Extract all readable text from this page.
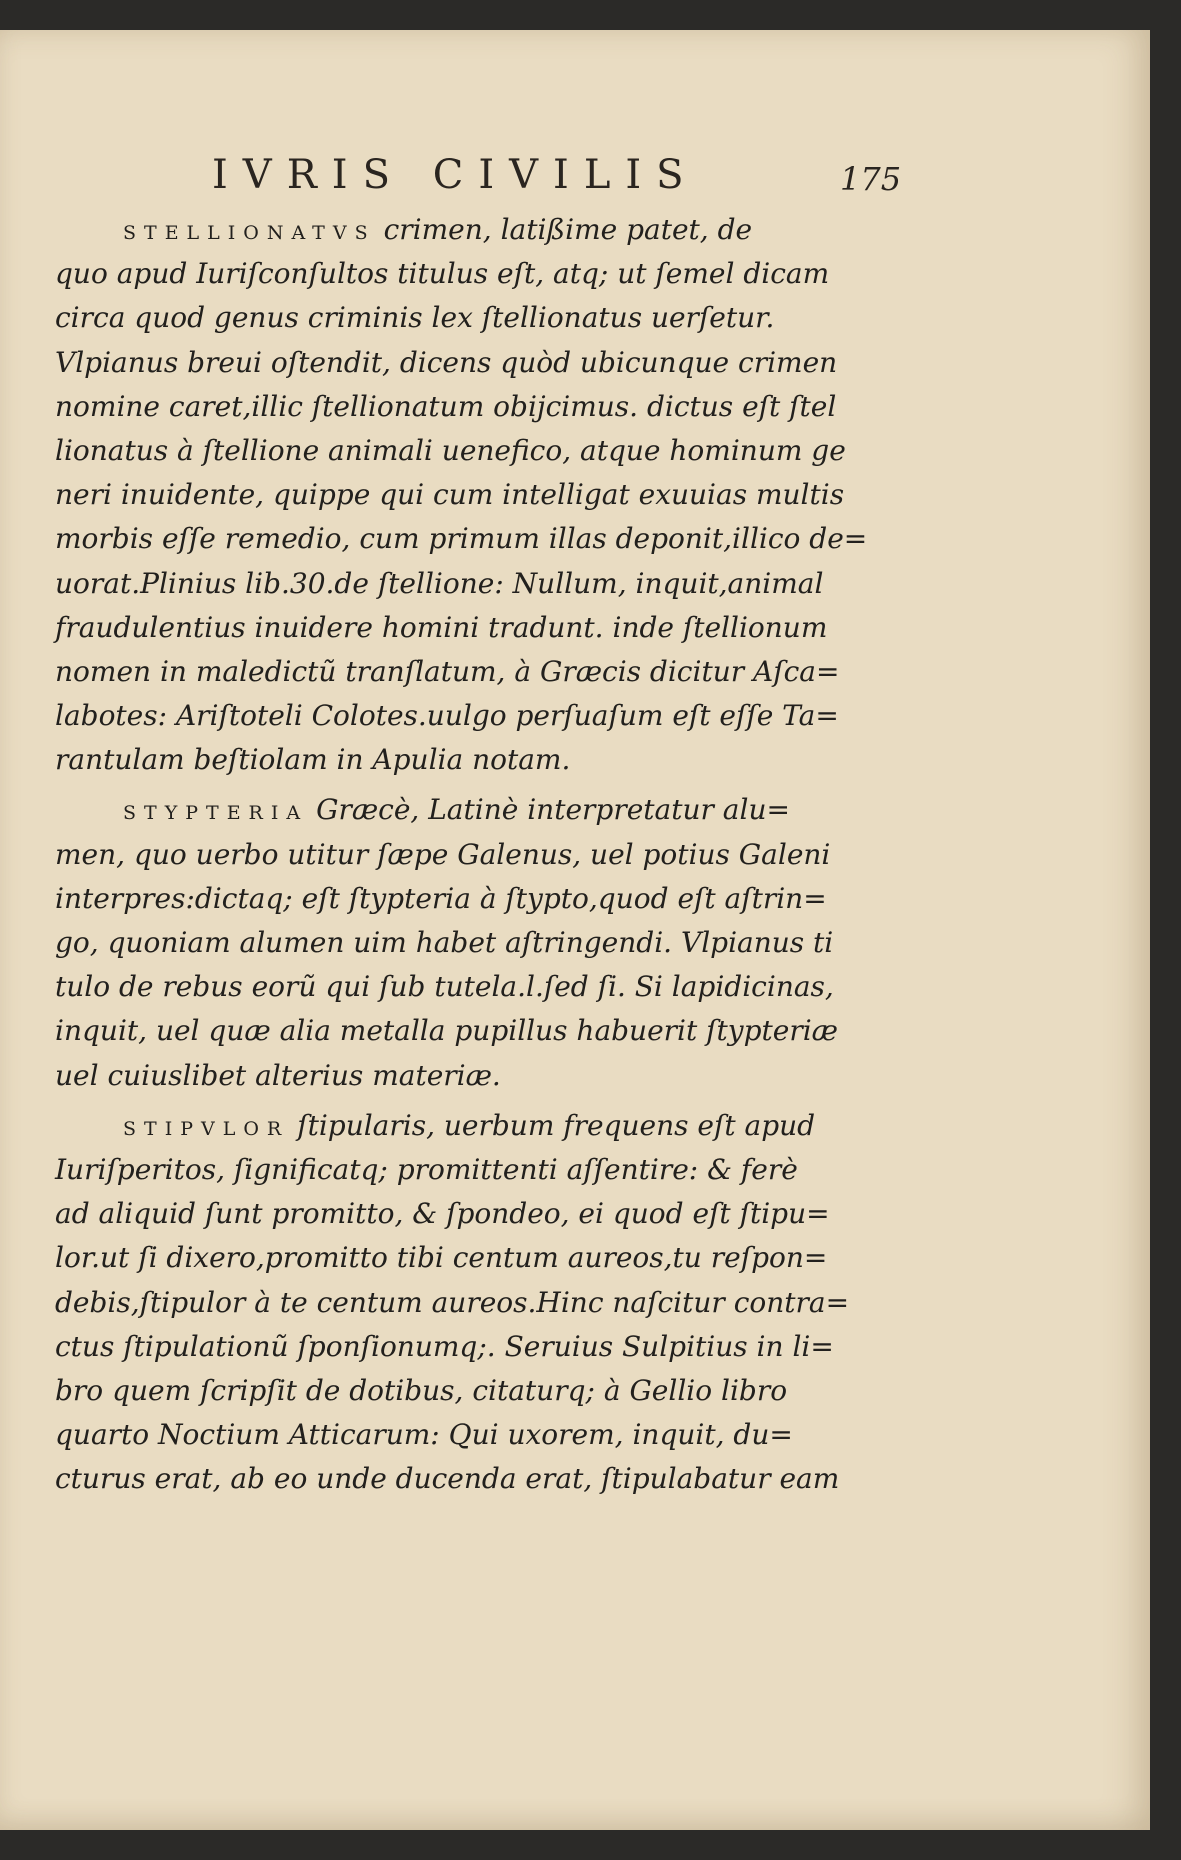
IVRIS CIVILIS	175
STELLIONATVS crimen, latißime patet, de
quo apud Iuriſconſultos titulus eſt, atq; ut ſemel dicam
circa quod genus criminis lex ſtellionatus uerſetur.
Vlpianus breui oſtendit, dicens quòd ubicunque crimen
nomine caret,illic ſtellionatum obijcimus. dictus eſt ſtel
lionatus à ſtellione animali uenefico, atque hominum ge
neri inuidente, quippe qui cum intelligat exuuias multis
morbis eſſe remedio, cum primum illas deponit,illico de=
uorat.Plinius lib.30.de ſtellione: Nullum, inquit,animal
fraudulentius inuidere homini tradunt. inde ſtellionum
nomen in maledictũ tranſlatum, à Græcis dicitur Aſca=
labotes: Ariſtoteli Colotes.uulgo perſuaſum eſt eſſe Ta=
rantulam beſtiolam in Apulia notam.
STYPTERIA Græcè, Latinè interpretatur alu=
men, quo uerbo utitur ſæpe Galenus, uel potius Galeni
interpres:dictaq; eſt ſtypteria à ſtypto,quod eſt aſtrin=
go, quoniam alumen uim habet aſtringendi. Vlpianus ti
tulo de rebus eorũ qui ſub tutela.l.ſed ſi. Si lapidicinas,
inquit, uel quæ alia metalla pupillus habuerit ſtypteriæ
uel cuiuslibet alterius materiæ.
STIPVLOR ſtipularis, uerbum frequens eſt apud
Iuriſperitos, ſignificatq; promittenti aſſentire: & ferè
ad aliquid ſunt promitto, & ſpondeo, ei quod eſt ſtipu=
lor.ut ſi dixero,promitto tibi centum aureos,tu reſpon=
debis,ſtipulor à te centum aureos.Hinc naſcitur contra=
ctus ſtipulationũ ſponſionumq;. Seruius Sulpitius in li=
bro quem ſcripſit de dotibus, citaturq; à Gellio libro
quarto Noctium Atticarum: Qui uxorem, inquit, du=
cturus erat, ab eo unde ducenda erat, ſtipulabatur eam
